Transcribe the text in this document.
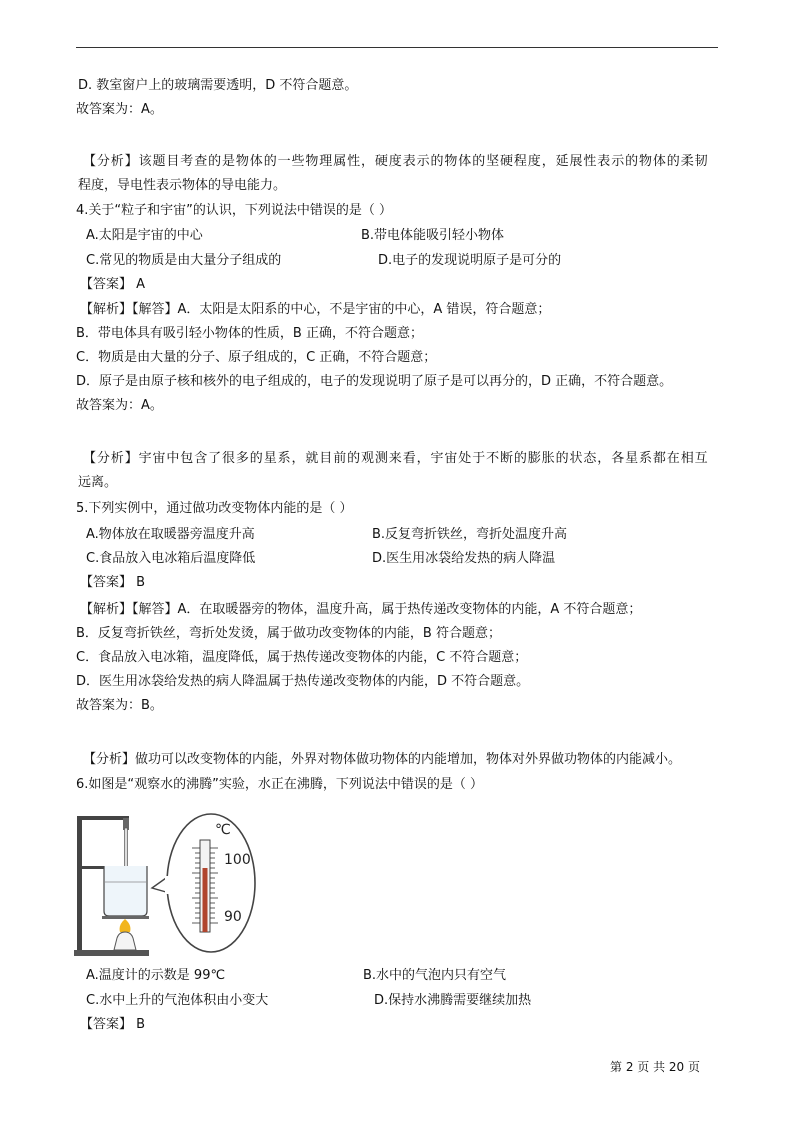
D. 教室窗户上的玻璃需要透明，D 不符合题意。
故答案为：A。
【分析】该题目考查的是物体的一些物理属性，硬度表示的物体的坚硬程度，延展性表示的物体的柔韧
程度，导电性表示物体的导电能力。
4.关于“粒子和宇宙”的认识，下列说法中错误的是（ ）
A.太阳是宇宙的中心	B.带电体能吸引轻小物体
C.常见的物质是由大量分子组成的	D.电子的发现说明原子是可分的
【答案】 A
【解析】【解答】A．太阳是太阳系的中心，不是宇宙的中心，A 错误，符合题意；
B．带电体具有吸引轻小物体的性质，B 正确，不符合题意；
C．物质是由大量的分子、原子组成的，C 正确，不符合题意；
D．原子是由原子核和核外的电子组成的，电子的发现说明了原子是可以再分的，D 正确，不符合题意。
故答案为：A。
【分析】宇宙中包含了很多的星系，就目前的观测来看，宇宙处于不断的膨胀的状态，各星系都在相互
远离。
5.下列实例中，通过做功改变物体内能的是（ ）
A.物体放在取暖器旁温度升高	B.反复弯折铁丝，弯折处温度升高
C.食品放入电冰箱后温度降低	D.医生用冰袋给发热的病人降温
【答案】 B
【解析】【解答】A．在取暖器旁的物体，温度升高，属于热传递改变物体的内能，A 不符合题意；
B．反复弯折铁丝，弯折处发烫，属于做功改变物体的内能，B 符合题意；
C．食品放入电冰箱，温度降低，属于热传递改变物体的内能，C 不符合题意；
D．医生用冰袋给发热的病人降温属于热传递改变物体的内能，D 不符合题意。
故答案为：B。
【分析】做功可以改变物体的内能，外界对物体做功物体的内能增加，物体对外界做功物体的内能减小。
6.如图是“观察水的沸腾”实验，水正在沸腾，下列说法中错误的是（ ）
℃
100
90
A.温度计的示数是 99℃	B.水中的气泡内只有空气
C.水中上升的气泡体积由小变大	D.保持水沸腾需要继续加热
【答案】 B
第 2 页 共 20 页
